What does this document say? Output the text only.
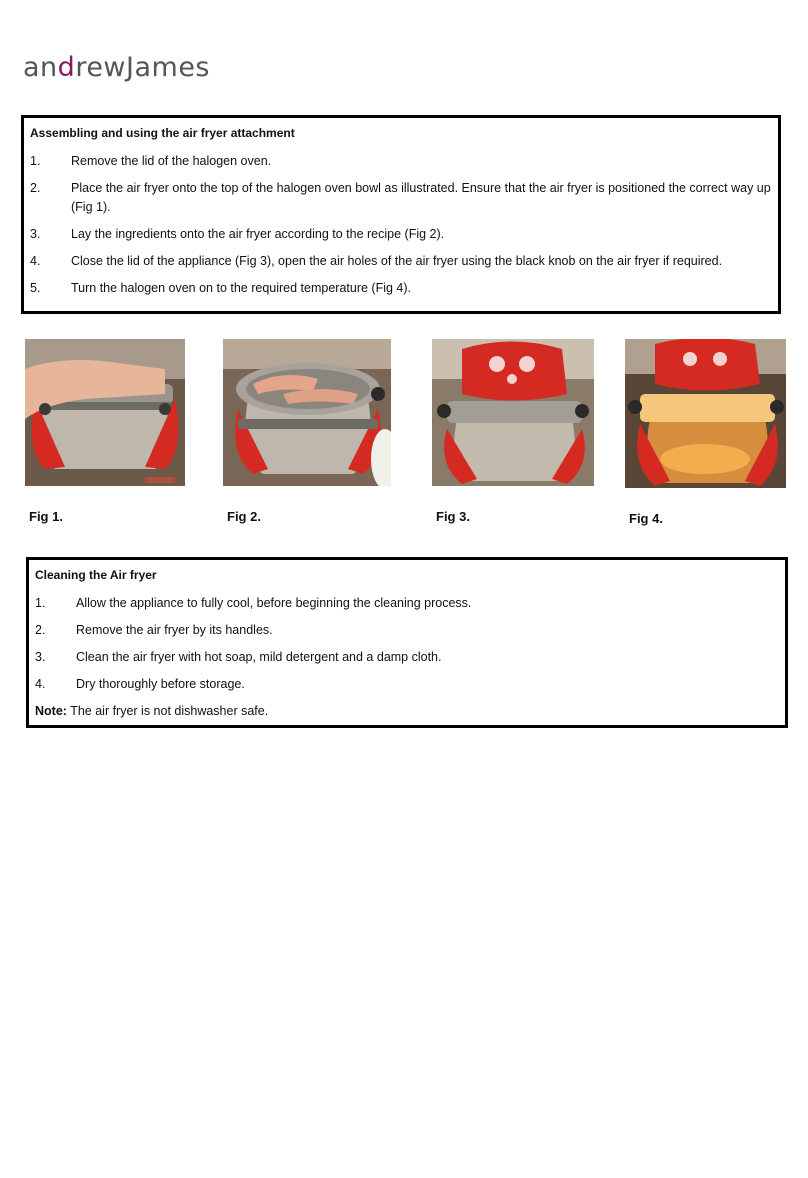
andrewJames
Assembling and using the air fryer attachment
1.	Remove the lid of the halogen oven.
2.	Place the air fryer onto the top of the halogen oven bowl as illustrated. Ensure that the air fryer is positioned the correct way up (Fig 1).
3.	Lay the ingredients onto the air fryer according to the recipe (Fig 2).
4.	Close the lid of the appliance (Fig 3), open the air holes of the air fryer using the black knob on the air fryer if required.
5.	Turn the halogen oven on to the required temperature (Fig 4).
Fig 1.	Fig 2.	Fig 3.	Fig 4.
Cleaning the Air fryer
1.	Allow the appliance to fully cool, before beginning the cleaning process.
2.	Remove the air fryer by its handles.
3.	Clean the air fryer with hot soap, mild detergent and a damp cloth.
4.	Dry thoroughly before storage.
Note: The air fryer is not dishwasher safe.
